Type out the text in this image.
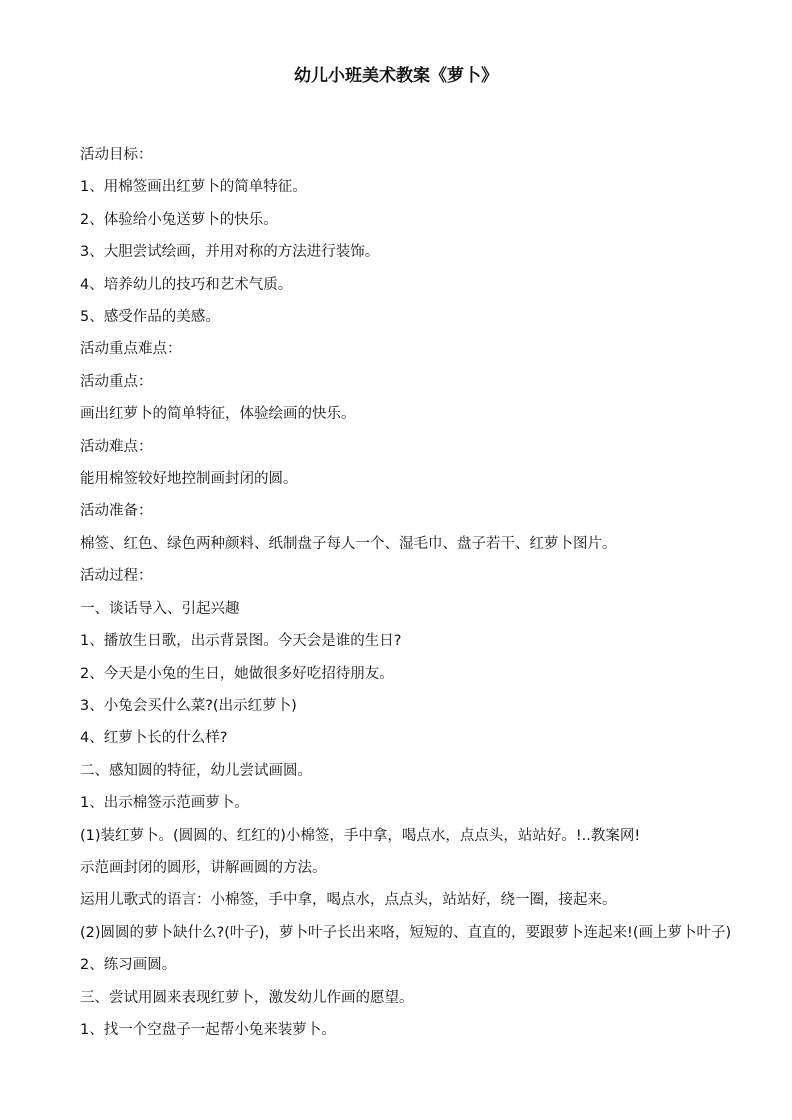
幼儿小班美术教案《萝卜》

活动目标：

1、用棉签画出红萝卜的简单特征。

2、体验给小兔送萝卜的快乐。

3、大胆尝试绘画，并用对称的方法进行装饰。

4、培养幼儿的技巧和艺术气质。

5、感受作品的美感。

活动重点难点：

活动重点：

画出红萝卜的简单特征，体验绘画的快乐。

活动难点：

能用棉签较好地控制画封闭的圆。

活动准备：

棉签、红色、绿色两种颜料、纸制盘子每人一个、湿毛巾、盘子若干、红萝卜图片。

活动过程：

一、谈话导入、引起兴趣

1、播放生日歌，出示背景图。今天会是谁的生日?

2、今天是小兔的生日，她做很多好吃招待朋友。

3、小兔会买什么菜?(出示红萝卜)

4、红萝卜长的什么样?

二、感知圆的特征，幼儿尝试画圆。

1、出示棉签示范画萝卜。

(1)装红萝卜。(圆圆的、红红的)小棉签，手中拿，喝点水，点点头，站站好。!..教案网!

示范画封闭的圆形，讲解画圆的方法。

运用儿歌式的语言：小棉签，手中拿，喝点水，点点头，站站好，绕一圈，接起来。

(2)圆圆的萝卜缺什么?(叶子)，萝卜叶子长出来咯，短短的、直直的，要跟萝卜连起来!(画上萝卜叶子)

2、练习画圆。

三、尝试用圆来表现红萝卜，激发幼儿作画的愿望。

1、找一个空盘子一起帮小兔来装萝卜。
